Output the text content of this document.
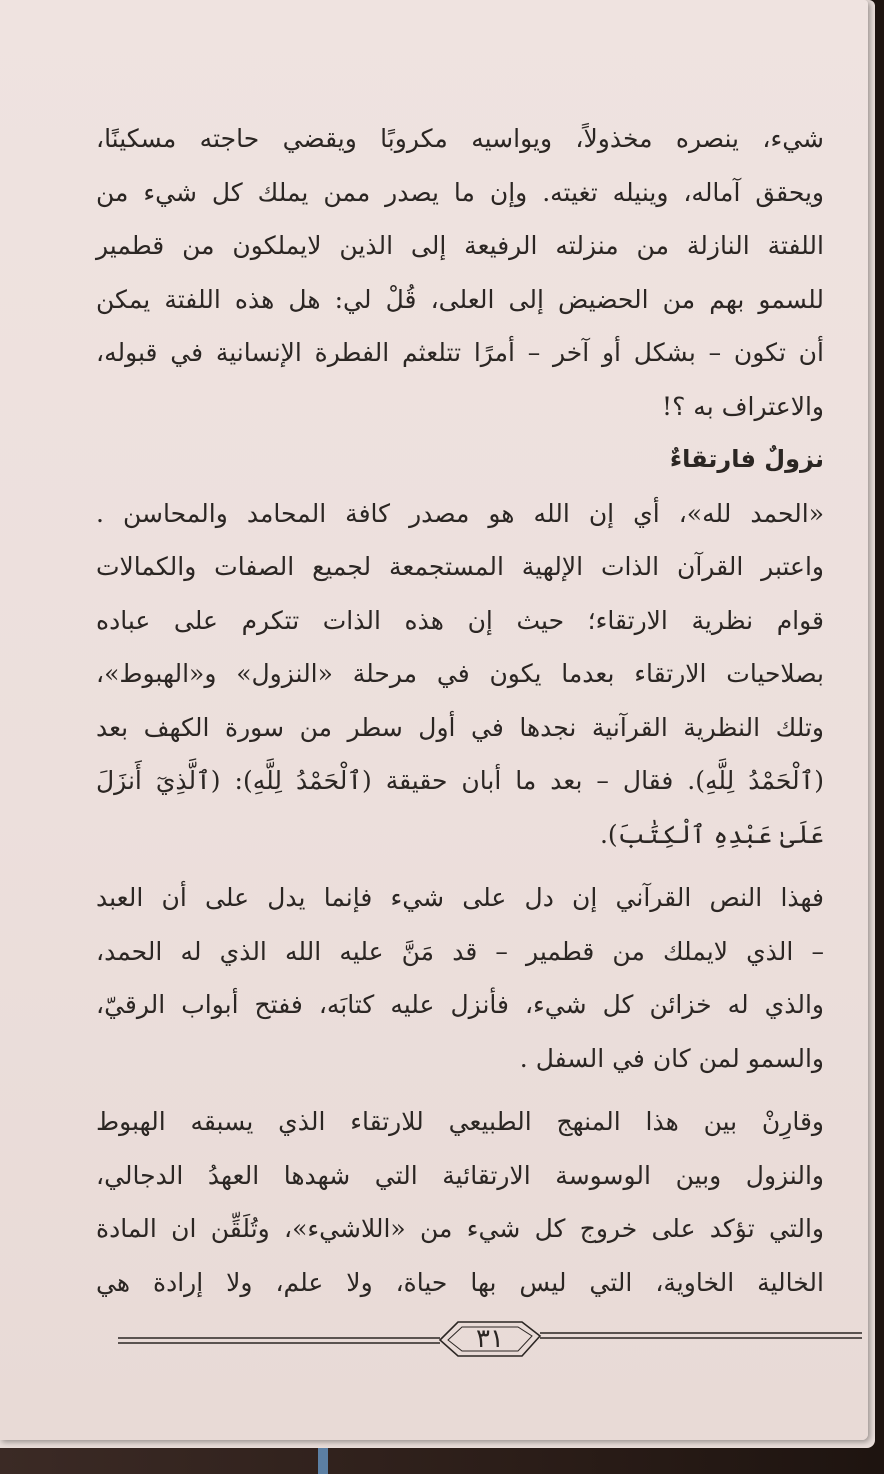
شيء، ينصره مخذولاً، ويواسيه مكروبًا ويقضي حاجته مسكينًا،
ويحقق آماله، وينيله تغيته. وإن ما يصدر ممن يملك كل شيء من
اللفتة النازلة من منزلته الرفيعة إلى الذين لايملكون من قطمير
للسمو بهم من الحضيض إلى العلى، قُلْ لي: هل هذه اللفتة يمكن
أن تكون – بشكل أو آخر – أمرًا تتلعثم الفطرة الإنسانية في قبوله،
والاعتراف به ؟!
نزولٌ فارتقاءٌ
«الحمد لله»، أي إن الله هو مصدر كافة المحامد والمحاسن .
واعتبر القرآن الذات الإلهية المستجمعة لجميع الصفات والكمالات
قوام نظرية الارتقاء؛ حيث إن هذه الذات تتكرم على عباده
بصلاحيات الارتقاء بعدما يكون في مرحلة «النزول» و«الهبوط»،
وتلك النظرية القرآنية نجدها في أول سطر من سورة الكهف بعد
(ٱلْحَمْدُ لِلَّهِ). فقال – بعد ما أبان حقيقة (ٱلْحَمْدُ لِلَّهِ): (ٱلَّذِيٓ أَنزَلَ
عَلَىٰ عَبْدِهِ ٱلْكِتَٰبَ).
فهذا النص القرآني إن دل على شيء فإنما يدل على أن العبد
– الذي لايملك من قطمير – قد مَنَّ عليه الله الذي له الحمد،
والذي له خزائن كل شيء، فأنزل عليه كتابَه، ففتح أبواب الرقيّ،
والسمو لمن كان في السفل .
وقارِنْ بين هذا المنهج الطبيعي للارتقاء الذي يسبقه الهبوط
والنزول وبين الوسوسة الارتقائية التي شهدها العهدُ الدجالي،
والتي تؤكد على خروج كل شيء من «اللاشيء»، وتُلَقِّن ان المادة
الخالية الخاوية، التي ليس بها حياة، ولا علم، ولا إرادة هي
٣١
